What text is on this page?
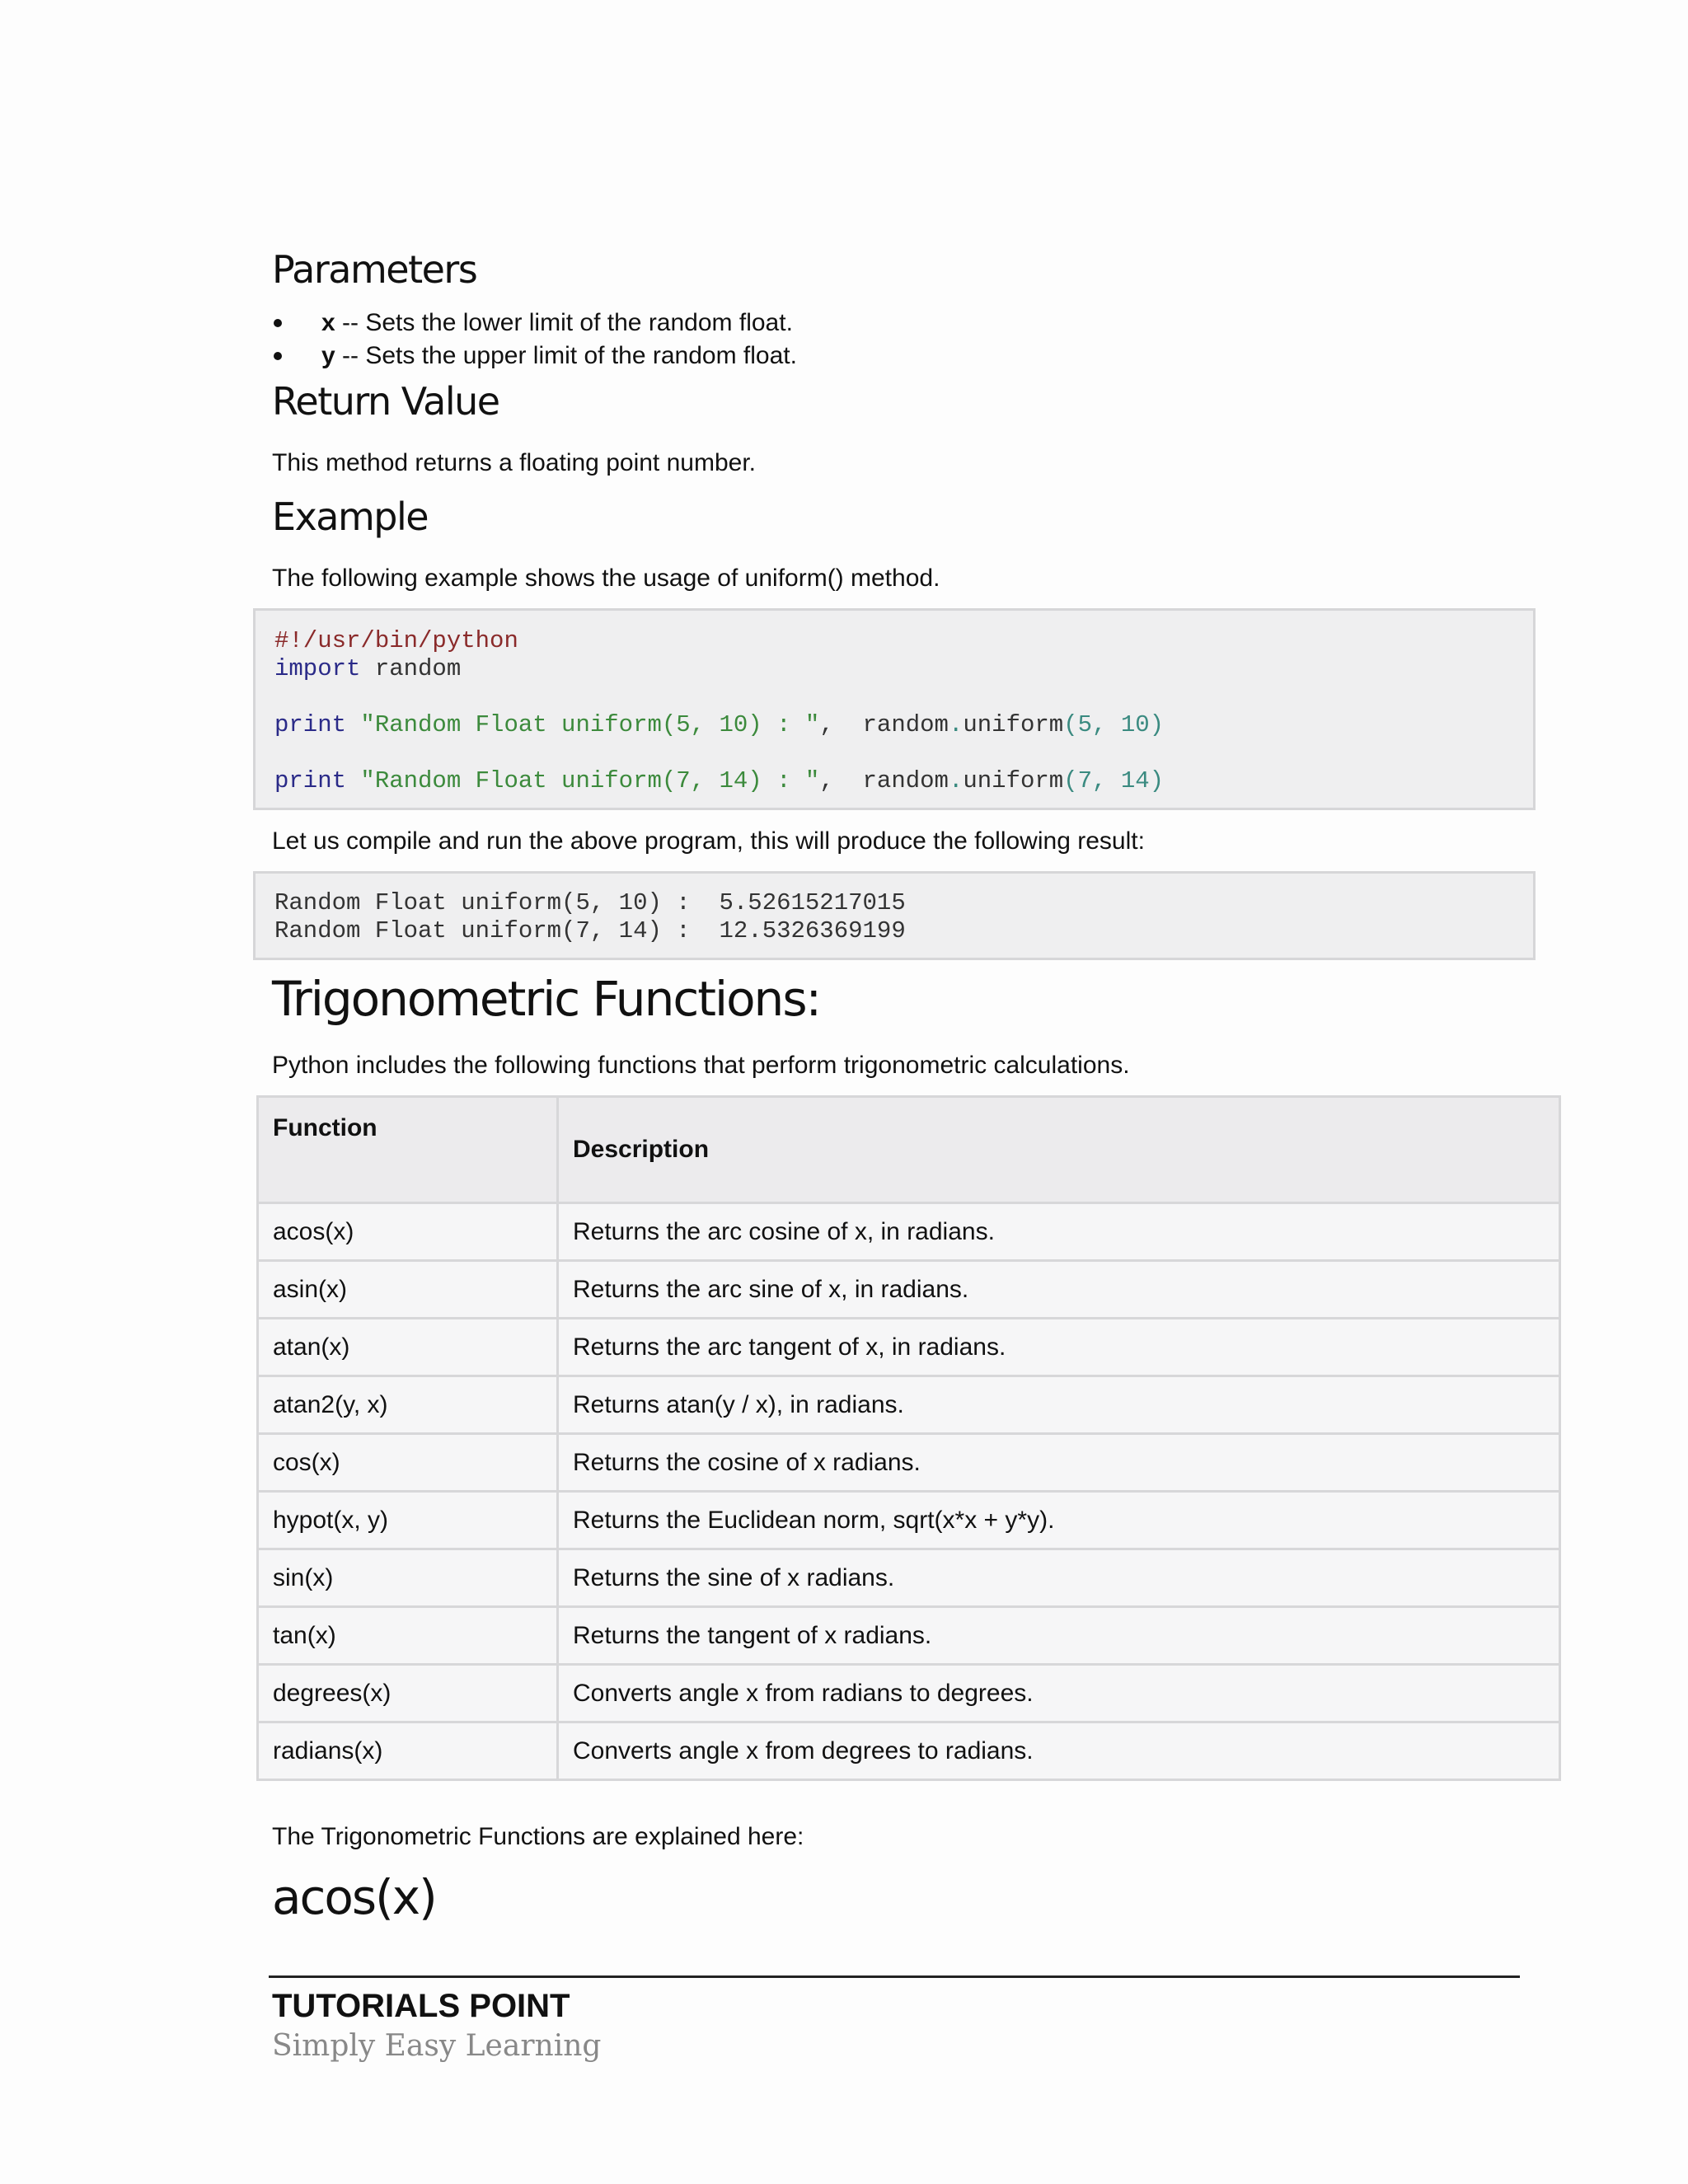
Parameters
x -- Sets the lower limit of the random float.
y -- Sets the upper limit of the random float.
Return Value

This method returns a floating point number.

Example

The following example shows the usage of uniform() method.

#!/usr/bin/python
import random

print "Random Float uniform(5, 10) : ",  random.uniform(5, 10)

print "Random Float uniform(7, 14) : ",  random.uniform(7, 14)

Let us compile and run the above program, this will produce the following result:

Random Float uniform(5, 10) :  5.52615217015
Random Float uniform(7, 14) :  12.5326369199
Trigonometric Functions:

Python includes the following functions that perform trigonometric calculations.

Function	Description
acos(x)	Returns the arc cosine of x, in radians.
asin(x)	Returns the arc sine of x, in radians.
atan(x)	Returns the arc tangent of x, in radians.
atan2(y, x)	Returns atan(y / x), in radians.
cos(x)	Returns the cosine of x radians.
hypot(x, y)	Returns the Euclidean norm, sqrt(x*x + y*y).
sin(x)	Returns the sine of x radians.
tan(x)	Returns the tangent of x radians.
degrees(x)	Converts angle x from radians to degrees.
radians(x)	Converts angle x from degrees to radians.

The Trigonometric Functions are explained here:

acos(x)

TUTORIALS POINT

Simply Easy Learning
